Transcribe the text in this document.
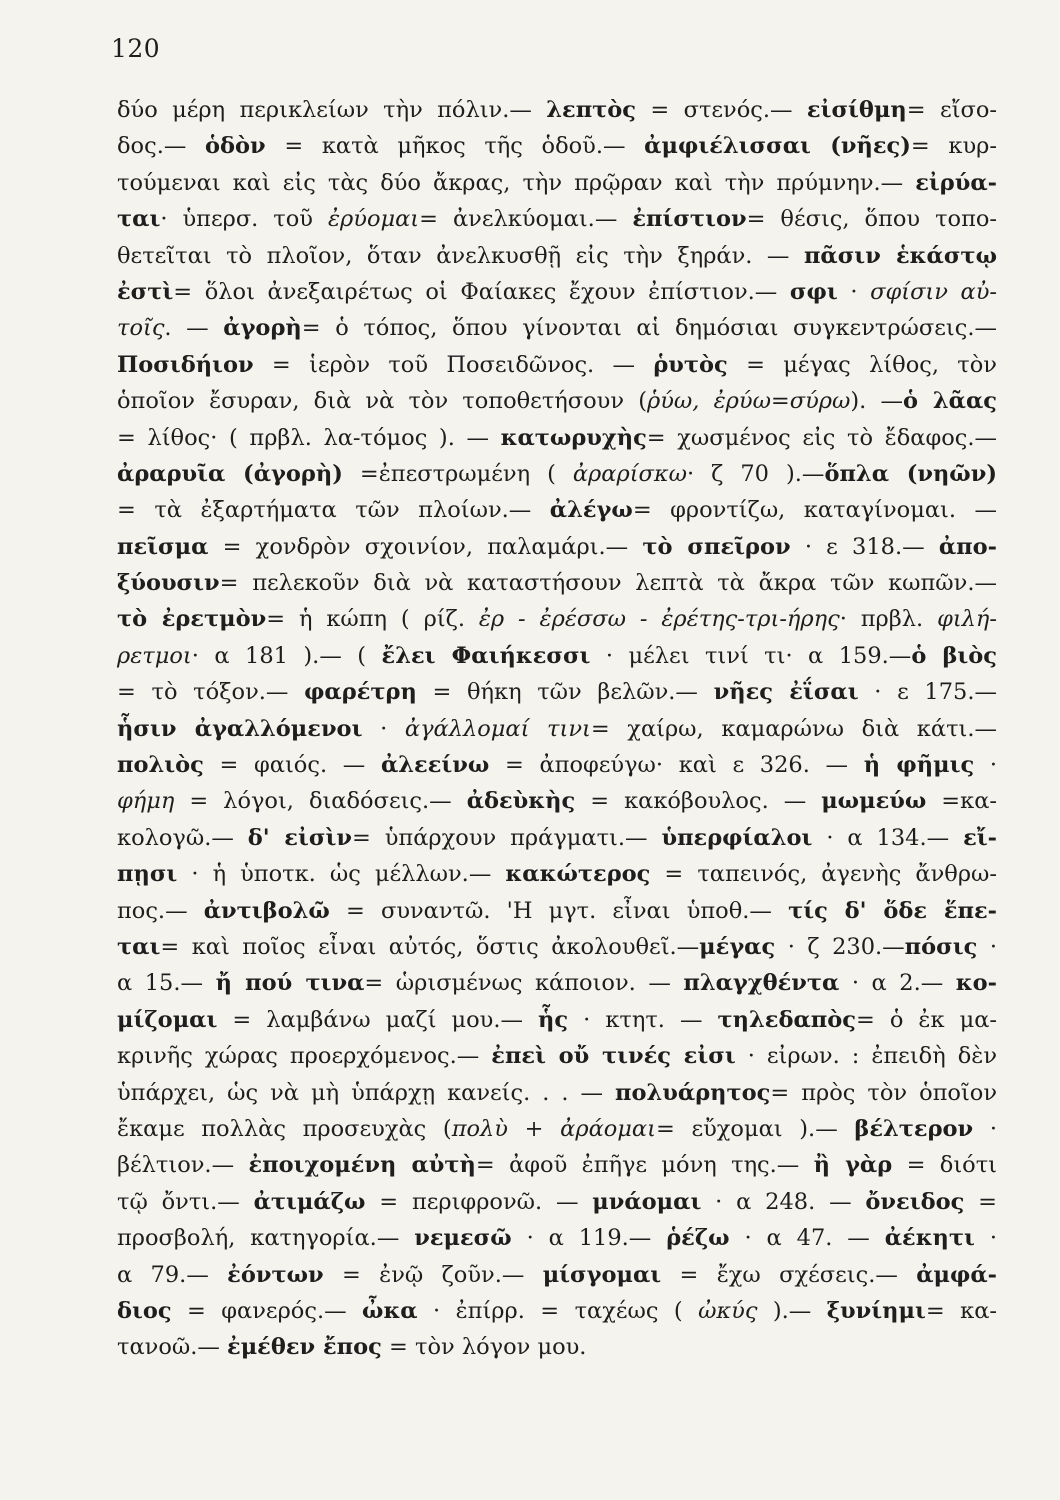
120
δύο μέρη περικλείων τὴν πόλιν.— λεπτὸς = στενός.— εἰσίθμη= εἴσο-
δος.— ὁδὸν = κατὰ μῆκος τῆς ὁδοῦ.— ἀμφιέλισσαι (νῆες)= κυρ-
τούμεναι καὶ εἰς τὰς δύο ἄκρας, τὴν πρῷραν καὶ τὴν πρύμνην.— εἰρύα-
ται· ὑπερσ. τοῦ ἐρύομαι= ἀνελκύομαι.— ἐπίστιον= θέσις, ὅπου τοπο-
θετεῖται τὸ πλοῖον, ὅταν ἀνελκυσθῇ εἰς τὴν ξηράν. — πᾶσιν ἑκάστῳ
ἐστὶ= ὅλοι ἀνεξαιρέτως οἱ Φαίακες ἔχουν ἐπίστιον.— σφι · σφίσιν αὐ-
τοῖς. — ἀγορὴ= ὁ τόπος, ὅπου γίνονται αἱ δημόσιαι συγκεντρώσεις.—
Ποσιδήιον = ἱερὸν τοῦ Ποσειδῶνος. — ῥυτὸς = μέγας λίθος, τὸν
ὁποῖον ἔσυραν, διὰ νὰ τὸν τοποθετήσουν (ῥύω, ἐρύω=σύρω). —ὁ λᾶας
= λίθος· ( πρβλ. λα-τόμος ). — κατωρυχὴς= χωσμένος εἰς τὸ ἔδαφος.—
ἀραρυῖα (ἀγορὴ) =ἐπεστρωμένη ( ἀραρίσκω· ζ 70 ).—ὅπλα (νηῶν)
= τὰ ἐξαρτήματα τῶν πλοίων.— ἀλέγω= φροντίζω, καταγίνομαι. —
πεῖσμα = χονδρὸν σχοινίον, παλαμάρι.— τὸ σπεῖρον · ε 318.— ἀπο-
ξύουσιν= πελεκοῦν διὰ νὰ καταστήσουν λεπτὰ τὰ ἄκρα τῶν κωπῶν.—
τὸ ἐρετμὸν= ἡ κώπη ( ρίζ. ἐρ - ἐρέσσω - ἐρέτης-τρι-ήρης· πρβλ. φιλή-
ρετμοι· α 181 ).— ( ἔλει Φαιήκεσσι · μέλει τινί τι· α 159.—ὁ βιὸς
= τὸ τόξον.— φαρέτρη = θήκη τῶν βελῶν.— νῆες ἐΐσαι · ε 175.—
ἧσιν ἀγαλλόμενοι · ἀγάλλομαί τινι= χαίρω, καμαρώνω διὰ κάτι.—
πολιὸς = φαιός. — ἀλεείνω = ἀποφεύγω· καὶ ε 326. — ἡ φῆμις ·
φήμη = λόγοι, διαδόσεις.— ἀδεὺκὴς = κακόβουλος. — μωμεύω =κα-
κολογῶ.— δ' εἰσὶν= ὑπάρχουν πράγματι.— ὑπερφίαλοι · α 134.— εἴ-
πῃσι · ἡ ὑποτκ. ὡς μέλλων.— κακώτερος = ταπεινός, ἀγενὴς ἄνθρω-
πος.— ἀντιβολῶ = συναντῶ. 'Η μγτ. εἶναι ὑποθ.— τίς δ' ὅδε ἕπε-
ται= καὶ ποῖος εἶναι αὐτός, ὅστις ἀκολουθεῖ.—μέγας · ζ 230.—πόσις ·
α 15.— ἤ πού τινα= ὡρισμένως κάποιον. — πλαγχθέντα · α 2.— κο-
μίζομαι = λαμβάνω μαζί μου.— ἧς · κτητ. — τηλεδαπὸς= ὁ ἐκ μα-
κρινῆς χώρας προερχόμενος.— ἐπεὶ οὔ τινές εἰσι · εἰρων. : ἐπειδὴ δὲν
ὑπάρχει, ὡς νὰ μὴ ὑπάρχῃ κανείς. . . — πολυάρητος= πρὸς τὸν ὁποῖον
ἔκαμε πολλὰς προσευχὰς (πολὺ + ἀράομαι= εὔχομαι ).— βέλτερον ·
βέλτιον.— ἐποιχομένη αὐτὴ= ἀφοῦ ἐπῆγε μόνη της.— ἢ γὰρ = διότι
τῷ ὄντι.— ἀτιμάζω = περιφρονῶ. — μνάομαι · α 248. — ὄνειδος =
προσβολή, κατηγορία.— νεμεσῶ · α 119.— ῥέζω · α 47. — ἀέκητι ·
α 79.— ἐόντων = ἐνῷ ζοῦν.— μίσγομαι = ἔχω σχέσεις.— ἀμφά-
διος = φανερός.— ὦκα · ἐπίρρ. = ταχέως ( ὠκύς ).— ξυνίημι= κα-
τανοῶ.— ἐμέθεν ἔπος = τὸν λόγον μου.
